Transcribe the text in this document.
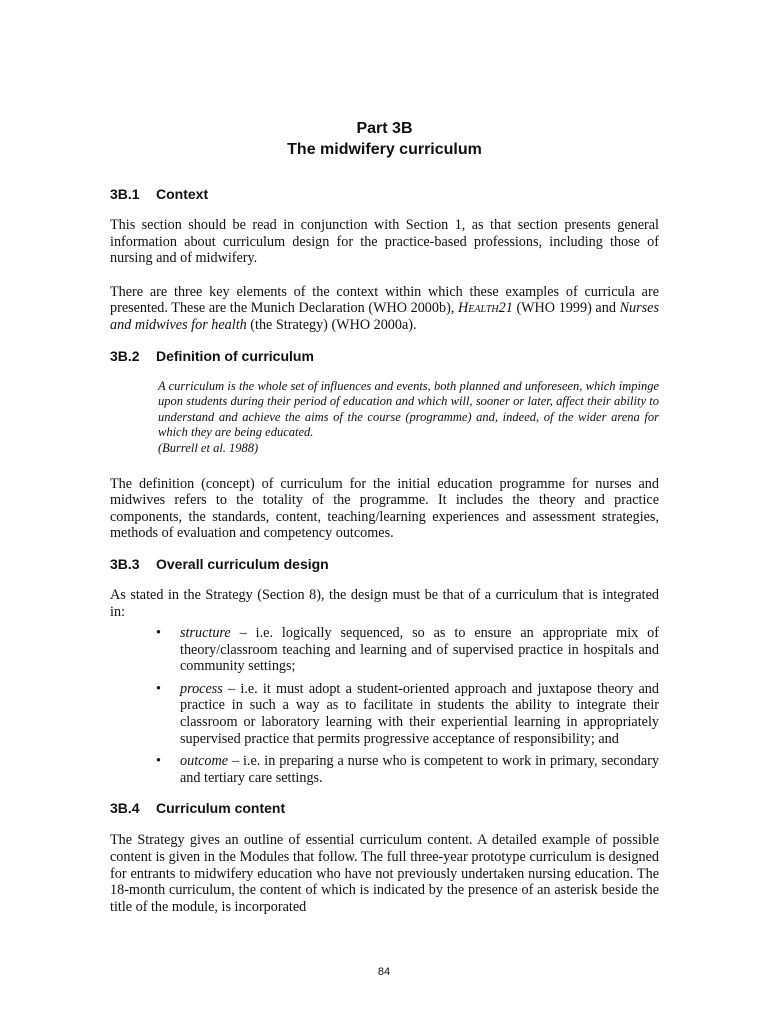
Part 3B
The midwifery curriculum
3B.1 Context

This section should be read in conjunction with Section 1, as that section presents general information about curriculum design for the practice-based professions, including those of nursing and of midwifery.

There are three key elements of the context within which these examples of curricula are presented. These are the Munich Declaration (WHO 2000b), Health21 (WHO 1999) and Nurses and midwives for health (the Strategy) (WHO 2000a).

3B.2 Definition of curriculum
A curriculum is the whole set of influences and events, both planned and unforeseen, which impinge upon students during their period of education and which will, sooner or later, affect their ability to understand and achieve the aims of the course (programme) and, indeed, of the wider arena for which they are being educated.
(Burrell et al. 1988)

The definition (concept) of curriculum for the initial education programme for nurses and midwives refers to the totality of the programme. It includes the theory and practice components, the standards, content, teaching/learning experiences and assessment strategies, methods of evaluation and competency outcomes.

3B.3 Overall curriculum design

As stated in the Strategy (Section 8), the design must be that of a curriculum that is integrated in:

• structure – i.e. logically sequenced, so as to ensure an appropriate mix of theory/classroom teaching and learning and of supervised practice in hospitals and community settings;
• process – i.e. it must adopt a student-oriented approach and juxtapose theory and practice in such a way as to facilitate in students the ability to integrate their classroom or laboratory learning with their experiential learning in appropriately supervised practice that permits progressive acceptance of responsibility; and
• outcome – i.e. in preparing a nurse who is competent to work in primary, secondary and tertiary care settings.
3B.4 Curriculum content

The Strategy gives an outline of essential curriculum content. A detailed example of possible content is given in the Modules that follow. The full three-year prototype curriculum is designed for entrants to midwifery education who have not previously undertaken nursing education. The 18-month curriculum, the content of which is indicated by the presence of an asterisk beside the title of the module, is incorporated

84
